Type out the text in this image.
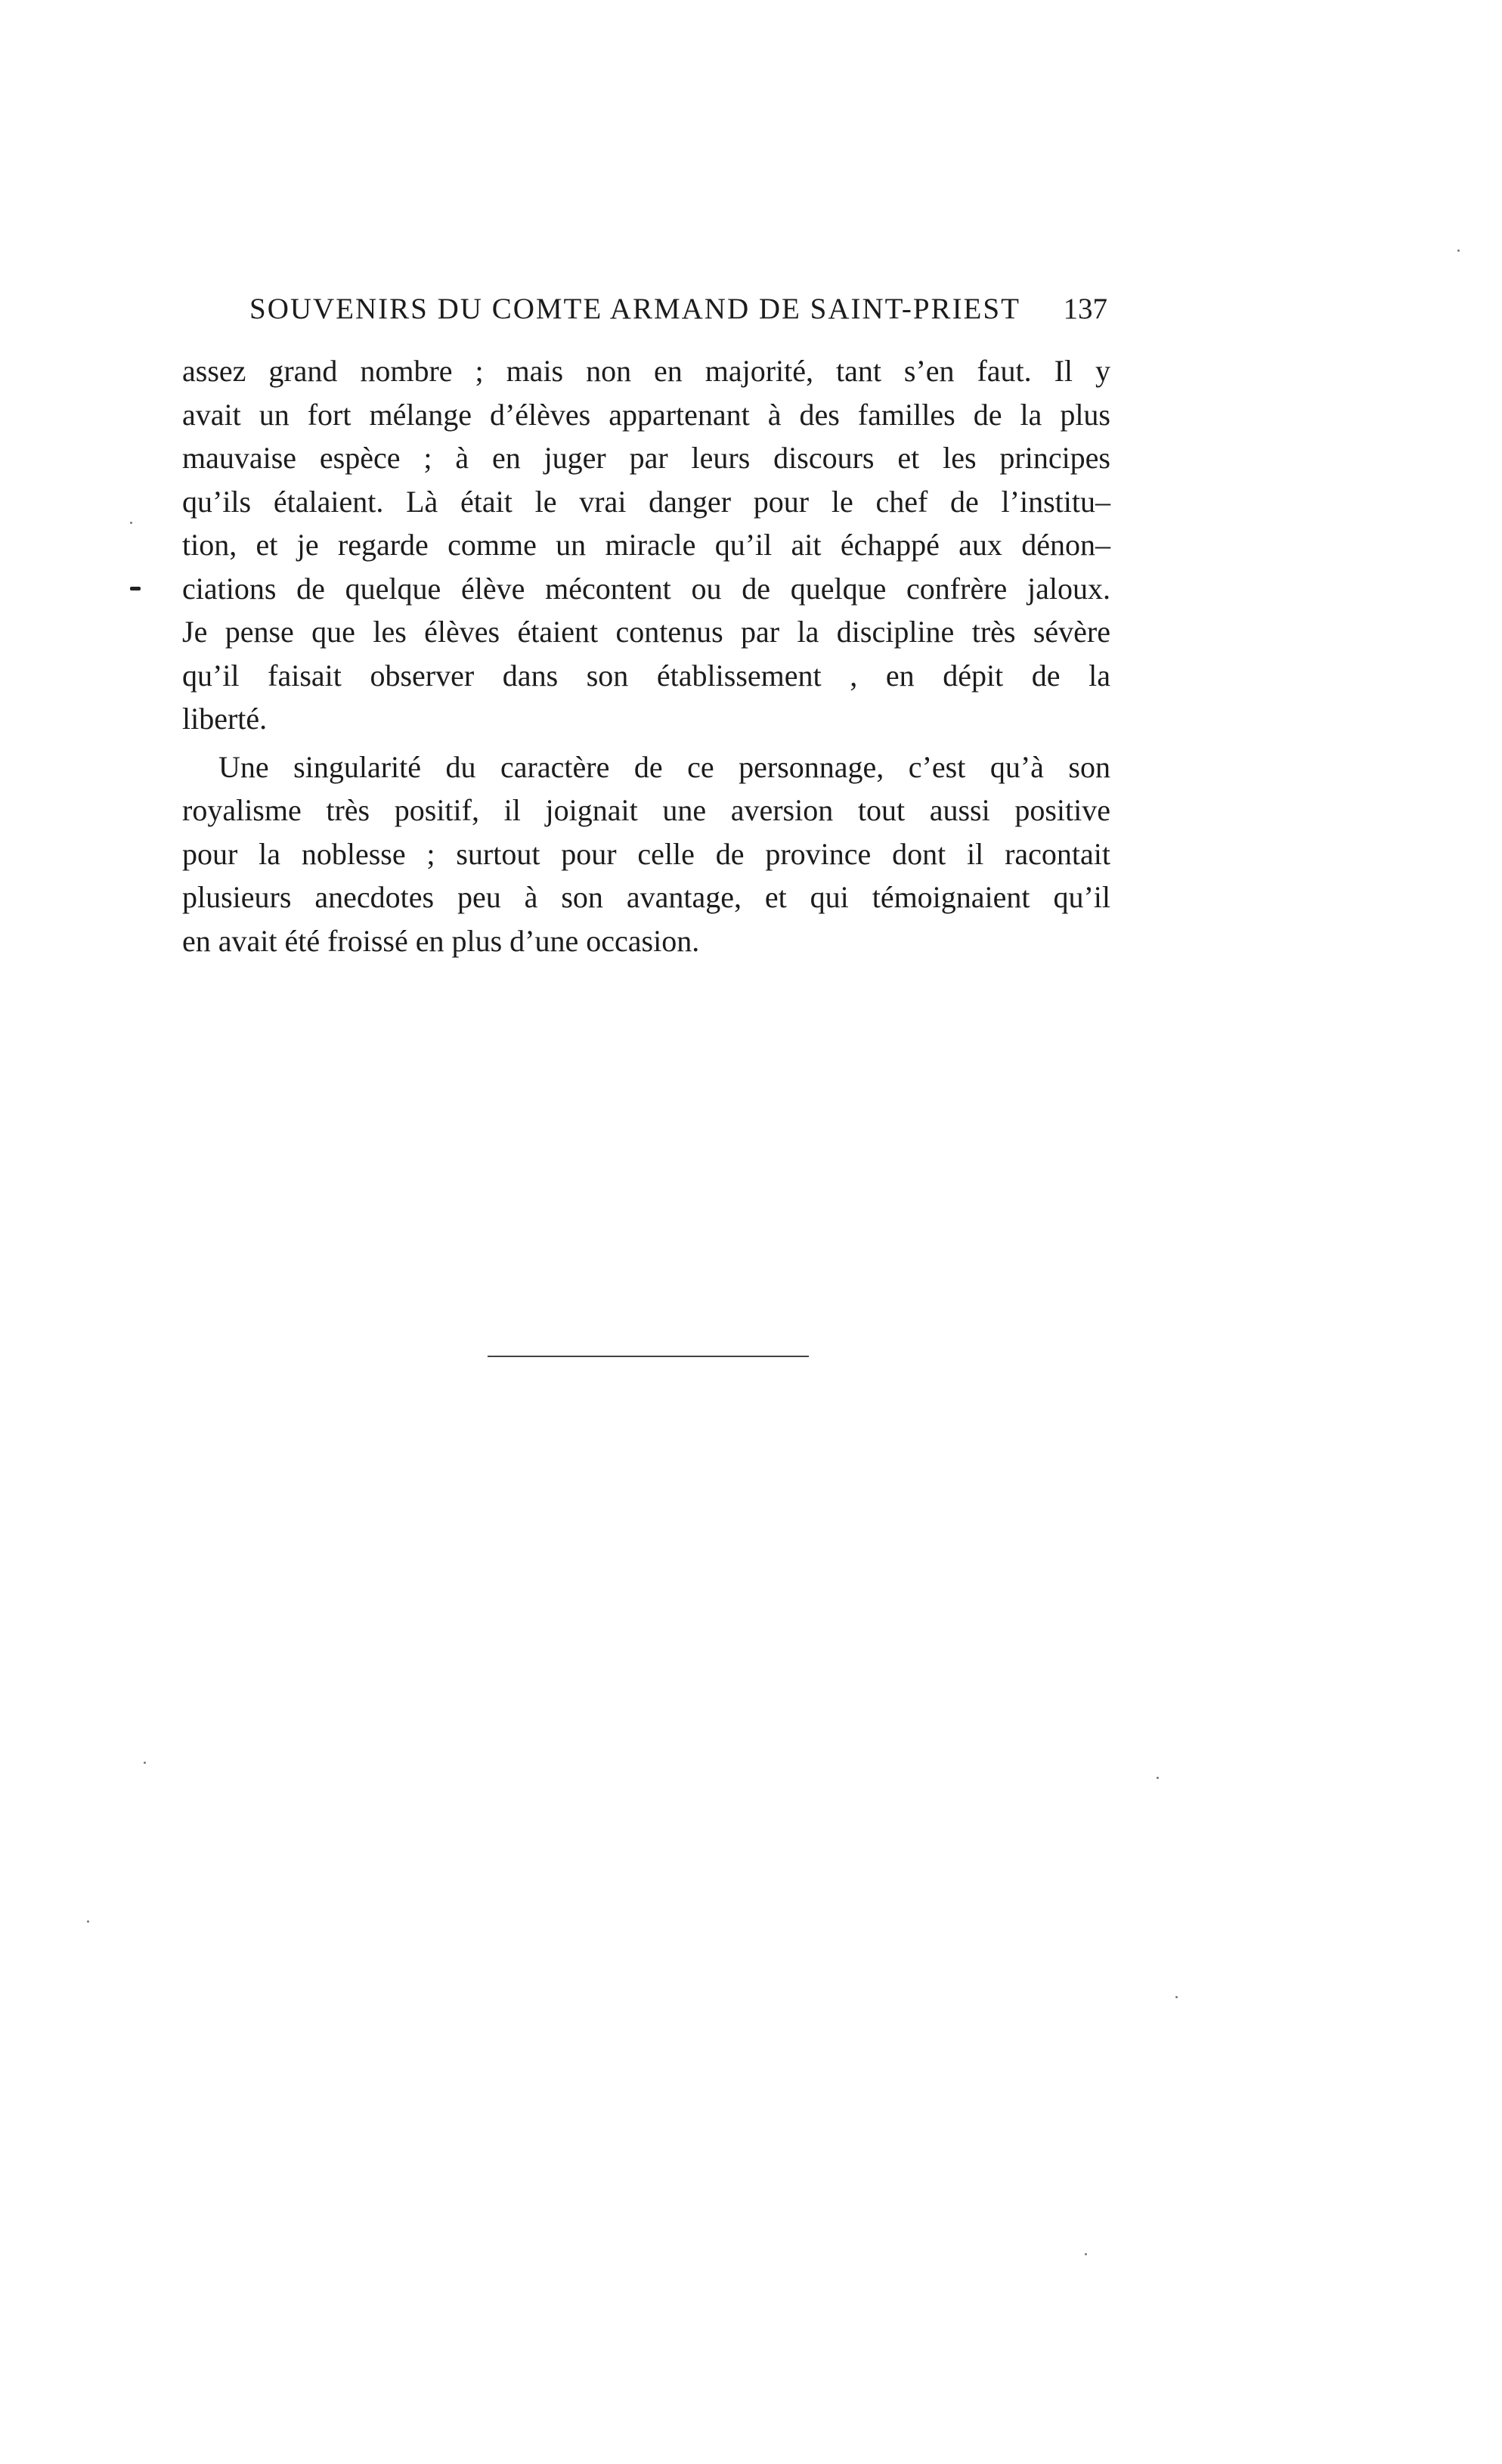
SOUVENIRS DU COMTE ARMAND DE SAINT-PRIEST 137
assez grand nombre ; mais non en majorité, tant s’en faut. Il y
avait un fort mélange d’élèves appartenant à des familles de la plus
mauvaise espèce ; à en juger par leurs discours et les principes
qu’ils étalaient. Là était le vrai danger pour le chef de l’institu–
tion, et je regarde comme un miracle qu’il ait échappé aux dénon–
ciations de quelque élève mécontent ou de quelque confrère jaloux.
Je pense que les élèves étaient contenus par la discipline très sévère
qu’il faisait observer dans son établissement , en dépit de la
liberté.
Une singularité du caractère de ce personnage, c’est qu’à son
royalisme très positif, il joignait une aversion tout aussi positive
pour la noblesse ; surtout pour celle de province dont il racontait
plusieurs anecdotes peu à son avantage, et qui témoignaient qu’il
en avait été froissé en plus d’une occasion.
